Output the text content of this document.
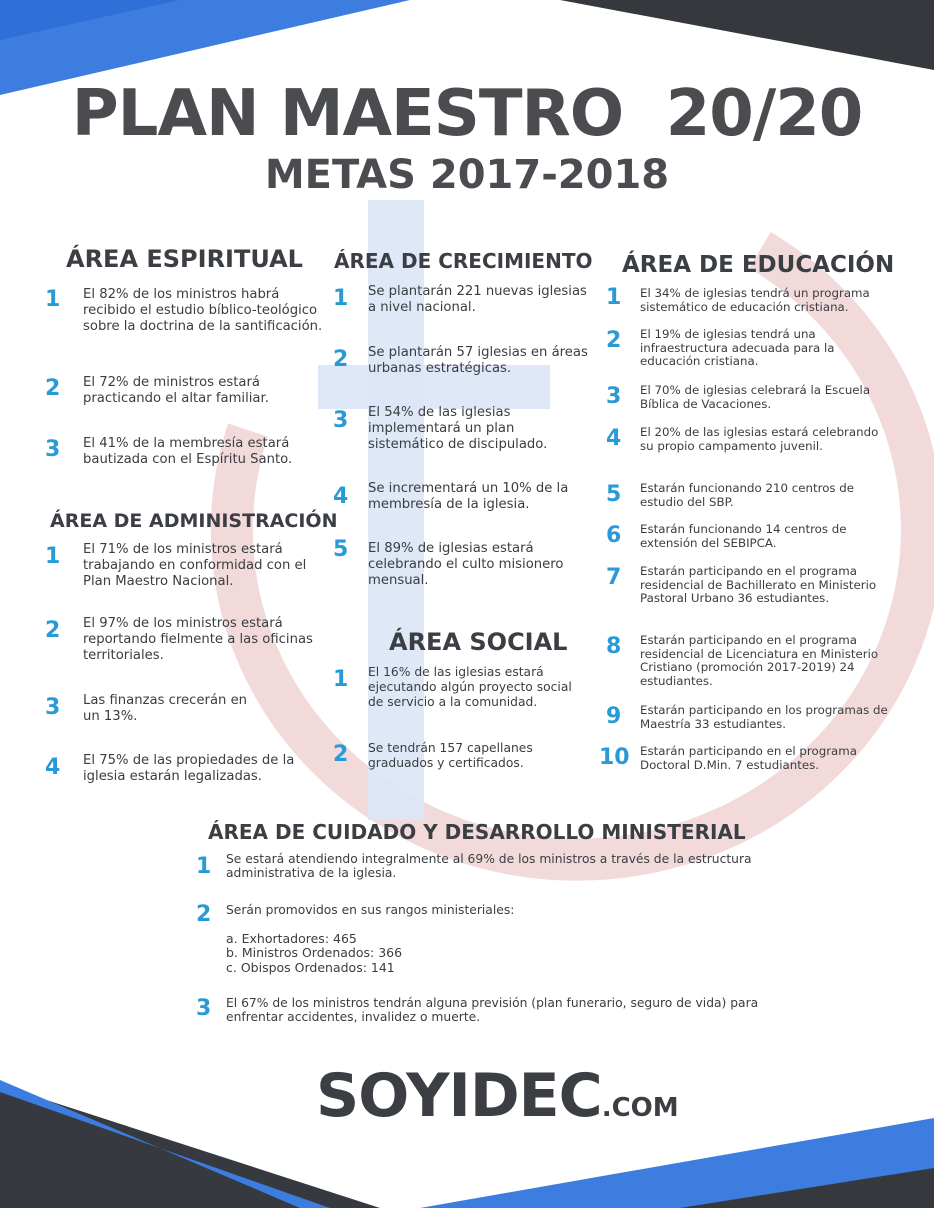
PLAN MAESTRO  20/20
METAS 2017-2018
ÁREA ESPIRITUAL
1 El 82% de los ministros habrá recibido el estudio bíblico-teológico sobre la doctrina de la santificación.
2 El 72% de ministros estará practicando el altar familiar.
3 El 41% de la membresía estará bautizada con el Espíritu Santo.
ÁREA DE ADMINISTRACIÓN
1 El 71% de los ministros estará trabajando en conformidad con el Plan Maestro Nacional.
2 El 97% de los ministros estará reportando fielmente a las oficinas territoriales.
3 Las finanzas crecerán en un 13%.
4 El 75% de las propiedades de la iglesia estarán legalizadas.
ÁREA DE CRECIMIENTO
1 Se plantarán 221 nuevas iglesias a nivel nacional.
2 Se plantarán 57 iglesias en áreas urbanas estratégicas.
3 El 54% de las iglesias implementará un plan sistemático de discipulado.
4 Se incrementará un 10% de la membresía de la iglesia.
5 El 89% de iglesias estará celebrando el culto misionero mensual.
ÁREA SOCIAL
1 El 16% de las iglesias estará ejecutando algún proyecto social de servicio a la comunidad.
2 Se tendrán 157 capellanes graduados y certificados.
ÁREA DE EDUCACIÓN
1 El 34% de iglesias tendrá un programa sistemático de educación cristiana.
2 El 19% de iglesias tendrá una infraestructura adecuada para la educación cristiana.
3 El 70% de iglesias celebrará la Escuela Bíblica de Vacaciones.
4 El 20% de las iglesias estará celebrando su propio campamento juvenil.
5 Estarán funcionando 210 centros de estudio del SBP.
6 Estarán funcionando 14 centros de extensión del SEBIPCA.
7 Estarán participando en el programa residencial de Bachillerato en Ministerio Pastoral Urbano 36 estudiantes.
8 Estarán participando en el programa residencial de Licenciatura en Ministerio Cristiano (promoción 2017-2019) 24 estudiantes.
9 Estarán participando en los programas de Maestría 33 estudiantes.
10 Estarán participando en el programa Doctoral D.Min. 7 estudiantes.
ÁREA DE CUIDADO Y DESARROLLO MINISTERIAL
1 Se estará atendiendo integralmente al 69% de los ministros a través de la estructura administrativa de la iglesia.
2 Serán promovidos en sus rangos ministeriales:
a. Exhortadores: 465
b. Ministros Ordenados: 366
c. Obispos Ordenados: 141
3 El 67% de los ministros tendrán alguna previsión (plan funerario, seguro de vida) para enfrentar accidentes, invalidez o muerte.
SOYIDEC.COM
